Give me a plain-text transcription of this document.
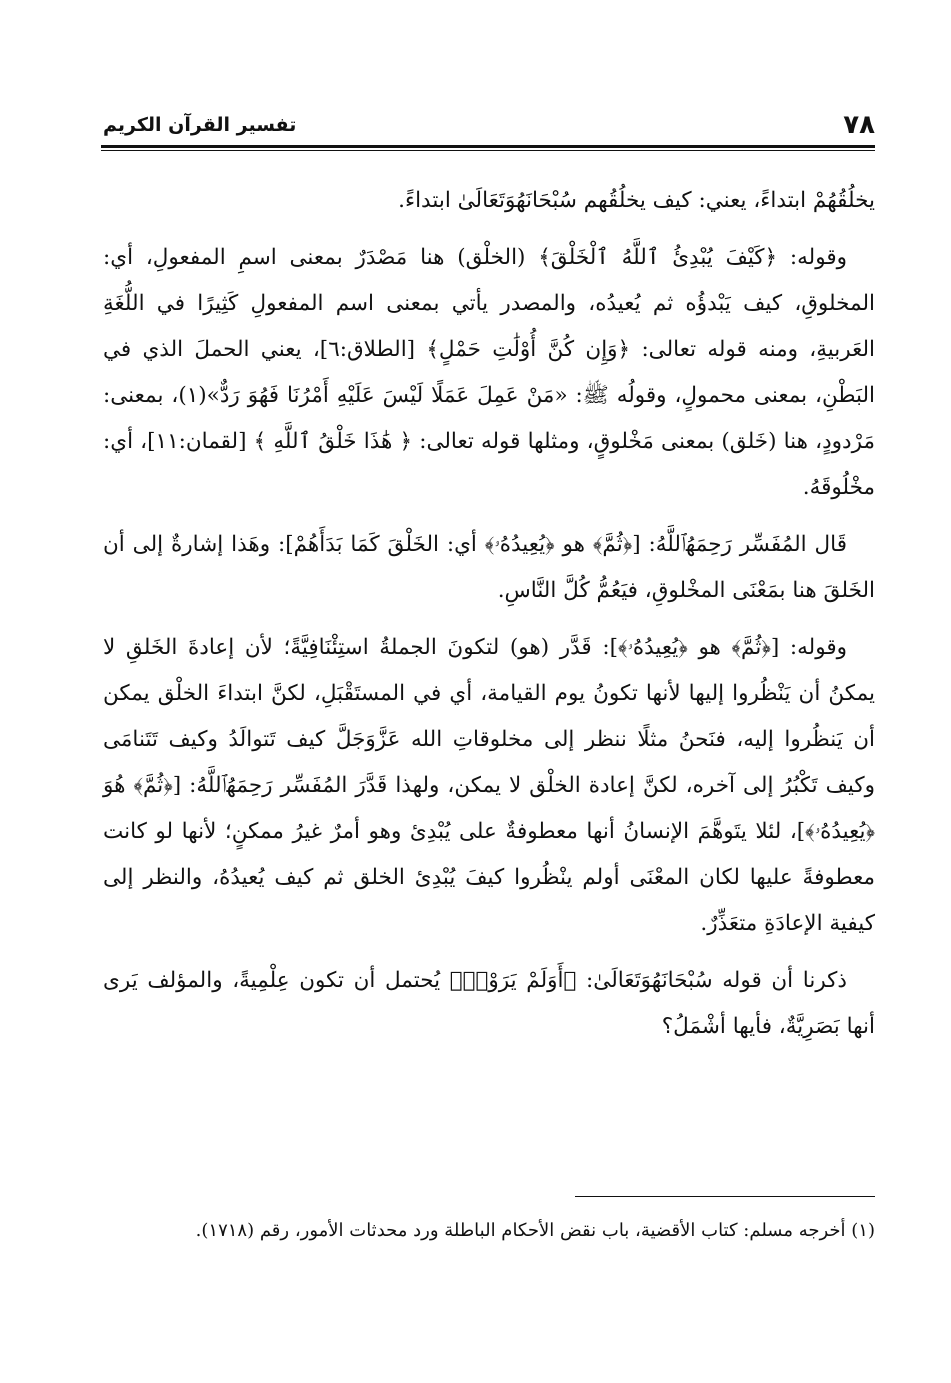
٧٨
تفسير القرآن الكريم

يخلُقُهُمْ ابتداءً، يعني: كيف يخلُقُهم سُبْحَانَهُوَتَعَالَىٰ ابتداءً.

وقوله: ﴿كَيْفَ يُبْدِئُ ٱللَّهُ ٱلْخَلْقَ﴾ (الخلْق) هنا مَصْدَرٌ بمعنى اسمِ المفعولِ، أي: المخلوقِ، كيف يَبْدؤُه ثم يُعيدُه، والمصدر يأتي بمعنى اسم المفعولِ كَثِيرًا في اللُّغَةِ العَربيةِ، ومنه قوله تعالى: ﴿وَإِن كُنَّ أُوْلَٰتِ حَمْلٍ﴾ [الطلاق:٦]، يعني الحملَ الذي في البَطْنِ، بمعنى محمولٍ، وقولُه ﷺ: «مَنْ عَمِلَ عَمَلًا لَيْسَ عَلَيْهِ أَمْرُنَا فَهُوَ رَدٌّ»(١)، بمعنى: مَرْدودٍ، هنا (خَلق) بمعنى مَخْلوقٍ، ومثلها قوله تعالى: ﴿ هَٰذَا خَلْقُ ٱللَّهِ ﴾ [لقمان:١١]، أي: مخْلُوقَهُ.

قَال المُفَسِّر رَحِمَهُٱللَّهُ: [﴿ثُمَّ﴾ هو ﴿يُعِيدُهُۥ﴾ أي: الخَلْقَ كَمَا بَدَأَهُمْ]: وهَذا إشارةٌ إلى أن الخَلقَ هنا بمَعْنَى المخْلوقِ، فيَعُمُّ كُلَّ النَّاسِ.

وقوله: [﴿ثُمَّ﴾ هو ﴿يُعِيدُهُۥ﴾]: قَدَّر (هو) لتكونَ الجملةُ استِئْنَافِيَّةً؛ لأن إعادةَ الخَلقِ لا يمكنُ أن يَنْظُروا إليها لأنها تكونُ يوم القيامة، أي في المستَقْبَلِ، لكنَّ ابتداءَ الخلْق يمكن أن يَنظُروا إليه، فنَحنُ مثلًا ننظر إلى مخلوقاتِ الله عَزَّوَجَلَّ كيف تَتوالَدُ وكيف تَتَنامَى وكيف تَكْبُرُ إلى آخره، لكنَّ إعادة الخلْق لا يمكن، ولهذا قَدَّرَ المُفَسِّر رَحِمَهُٱللَّهُ: [﴿ثُمَّ﴾ هُوَ ﴿يُعِيدُهُۥ﴾]، لئلا يتَوهَّمَ الإنسانُ أنها معطوفةٌ على يُبْدِئ وهو أمرٌ غيرُ ممكنٍ؛ لأنها لو كانت معطوفةً عليها لكان المعْنَى أولم ينْظُروا كيفَ يُبْدِئ الخلق ثم كيف يُعيدُهُ، والنظر إلى كيفية الإعادَةِ متعَذِّرٌ.

ذكرنا أن قوله سُبْحَانَهُوَتَعَالَىٰ: ﴿أَوَلَمْ يَرَوْا۟﴾ يُحتمل أن تكون عِلْمِيةً، والمؤلف يَرى أنها بَصَرِيَّةٌ، فأيها أشْمَلُ؟

(١) أخرجه مسلم: كتاب الأقضية، باب نقض الأحكام الباطلة ورد محدثات الأمور، رقم (١٧١٨).
